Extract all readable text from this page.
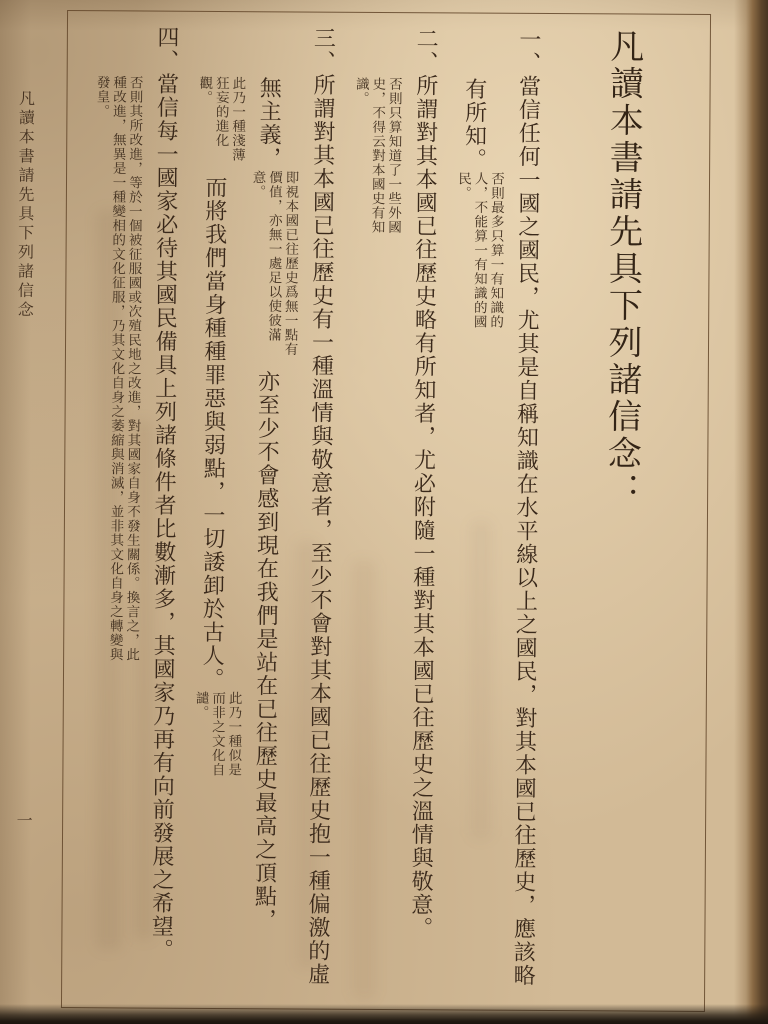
凡讀本書請先具下列諸信念
一
凡讀本書請先具下列諸信念：

一、當信任何一國之國民，尤其是自稱知識在水平線以上之國民，對其本國已往歷史，應該略有所知。否則最多只算一有知識的人，不能算一有知識的國民。

二、所謂對其本國已往歷史略有所知者，尤必附隨一種對其本國已往歷史之溫情與敬意。否則只算知道了一些外國史，不得云對本國史有知識。

三、所謂對其本國已往歷史有一種溫情與敬意者，至少不會對其本國已往歷史抱一種偏激的虛無主義，即視本國已往歷史爲無一點有價值，亦無一處足以使彼滿意。亦至少不會感到現在我們是站在已往歷史最高之頂點，此乃一種淺薄狂妄的進化觀。而將我們當身種種罪惡與弱點，一切諉卸於古人。此乃一種似是而非之文化自譴。

四、當信每一國家必待其國民備具上列諸條件者比數漸多，其國家乃再有向前發展之希望。否則其所改進，等於一個被征服國或次殖民地之改進，對其國家自身不發生關係。換言之，此種改進，無異是一種變相的文化征服，乃其文化自身之萎縮與消滅，並非其文化自身之轉變與發皇。
